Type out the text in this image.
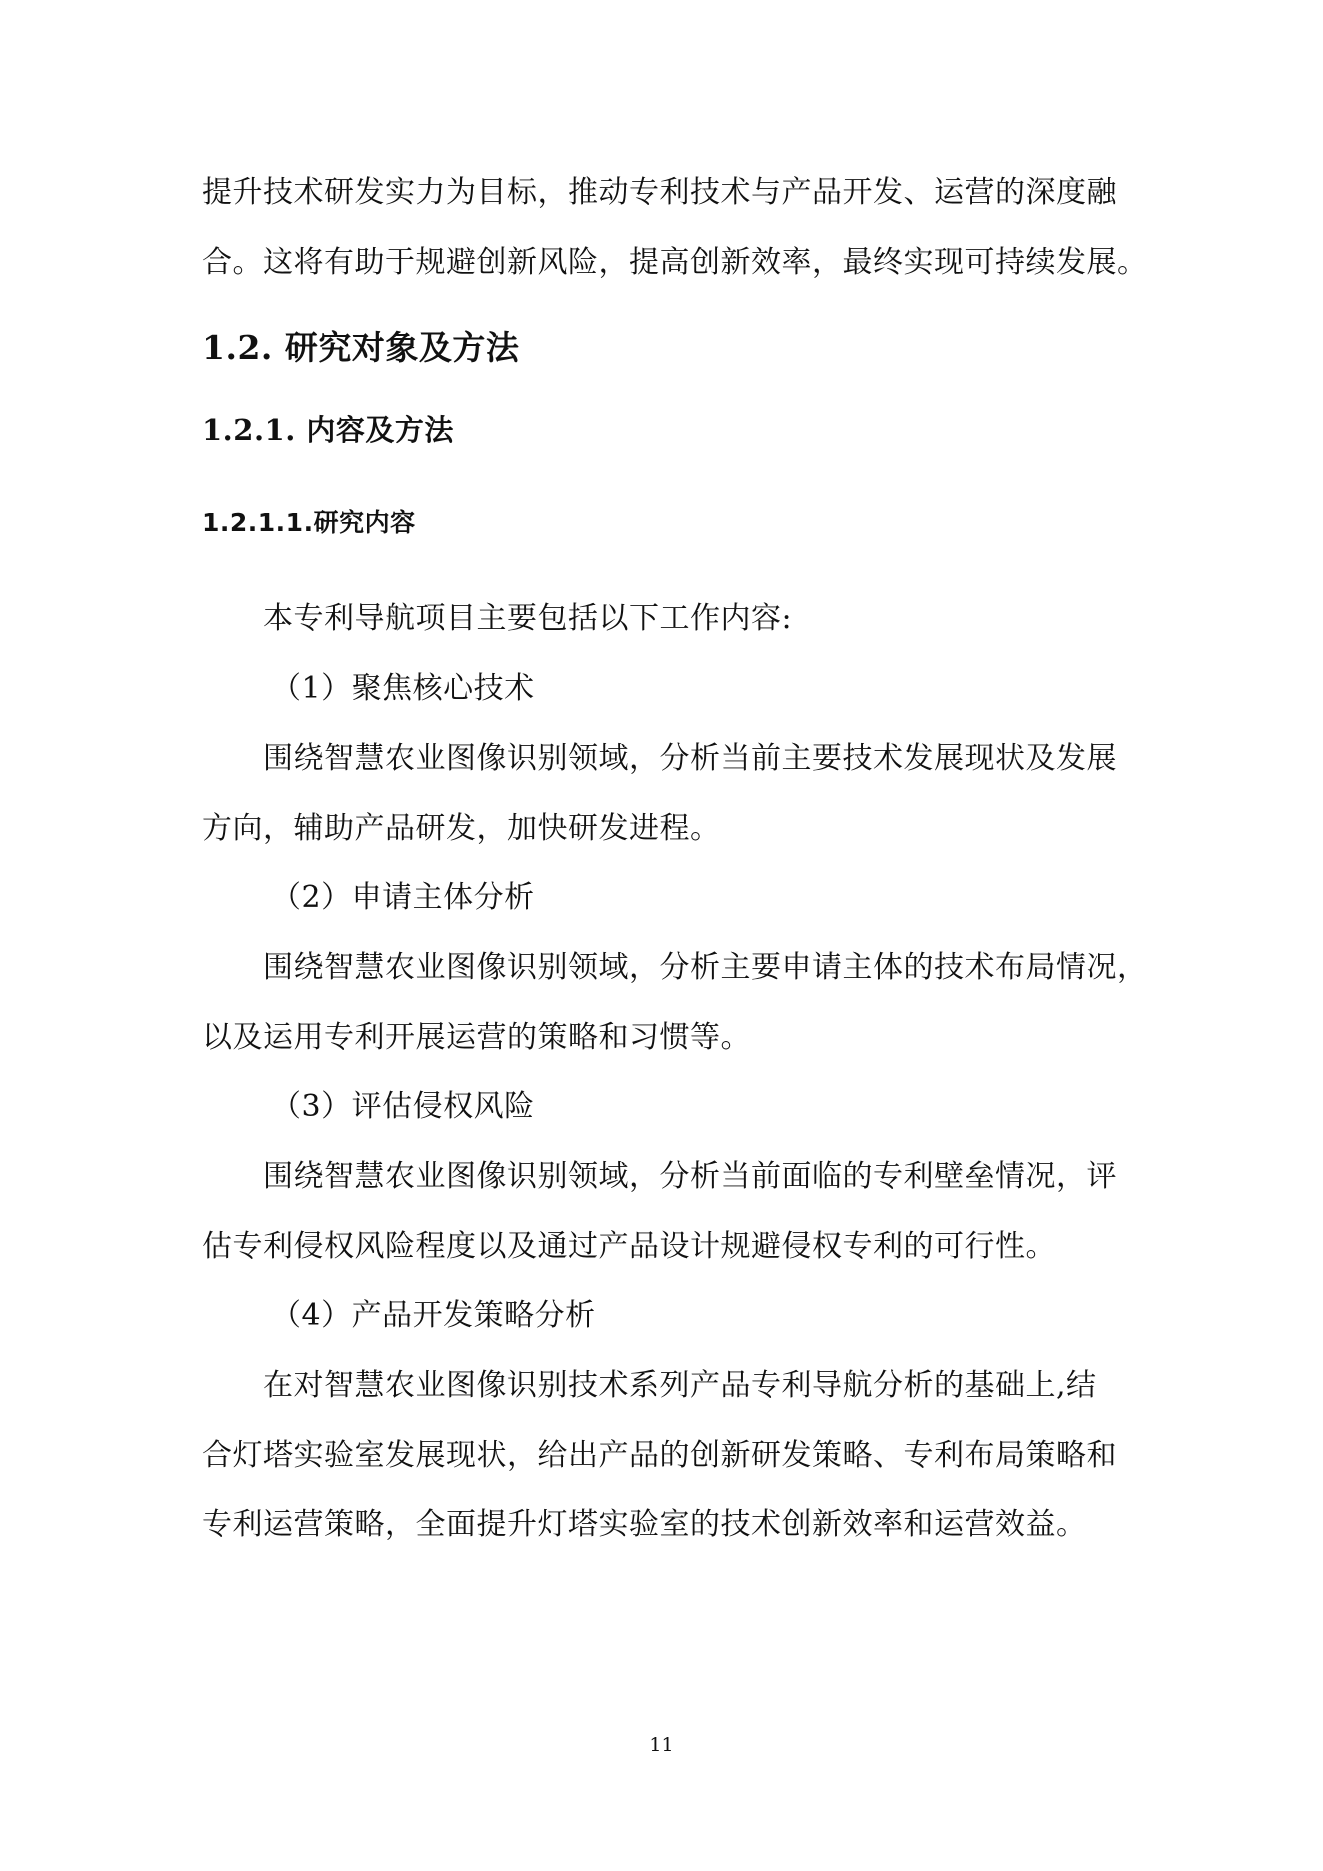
提升技术研发实力为目标，推动专利技术与产品开发、运营的深度融
合。这将有助于规避创新风险，提高创新效率，最终实现可持续发展。
1.2. 研究对象及方法
1.2.1. 内容及方法
1.2.1.1.研究内容
本专利导航项目主要包括以下工作内容:
（1）聚焦核心技术
围绕智慧农业图像识别领域，分析当前主要技术发展现状及发展
方向，辅助产品研发，加快研发进程。
（2）申请主体分析
围绕智慧农业图像识别领域，分析主要申请主体的技术布局情况，
以及运用专利开展运营的策略和习惯等。
（3）评估侵权风险
围绕智慧农业图像识别领域，分析当前面临的专利壁垒情况，评
估专利侵权风险程度以及通过产品设计规避侵权专利的可行性。
（4）产品开发策略分析
在对智慧农业图像识别技术系列产品专利导航分析的基础上,结
合灯塔实验室发展现状，给出产品的创新研发策略、专利布局策略和
专利运营策略，全面提升灯塔实验室的技术创新效率和运营效益。
11
